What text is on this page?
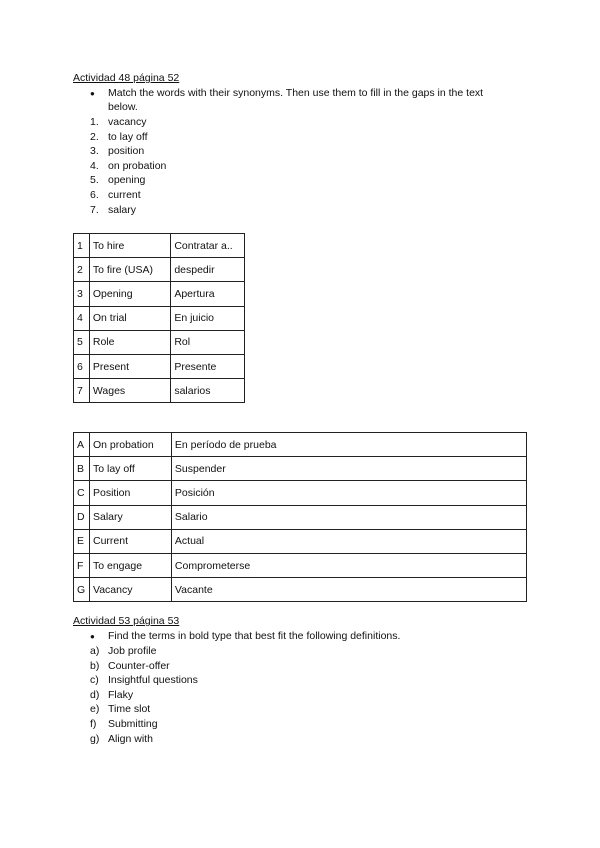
Actividad 48 página 52
● Match the words with their synonyms. Then use them to fill in the gaps in the text
below.
1. vacancy
2. to lay off
3. position
4. on probation
5. opening
6. current
7. salary
1	To hire	Contratar a..
2	To fire (USA)	despedir
3	Opening	Apertura
4	On trial	En juicio
5	Role	Rol
6	Present	Presente
7	Wages	salarios
A	On probation	En período de prueba
B	To lay off	Suspender
C	Position	Posición
D	Salary	Salario
E	Current	Actual
F	To engage	Comprometerse
G	Vacancy	Vacante
Actividad 53 página 53
● Find the terms in bold type that best fit the following definitions.
a) Job profile
b) Counter-offer
c) Insightful questions
d) Flaky
e) Time slot
f) Submitting
g) Align with
